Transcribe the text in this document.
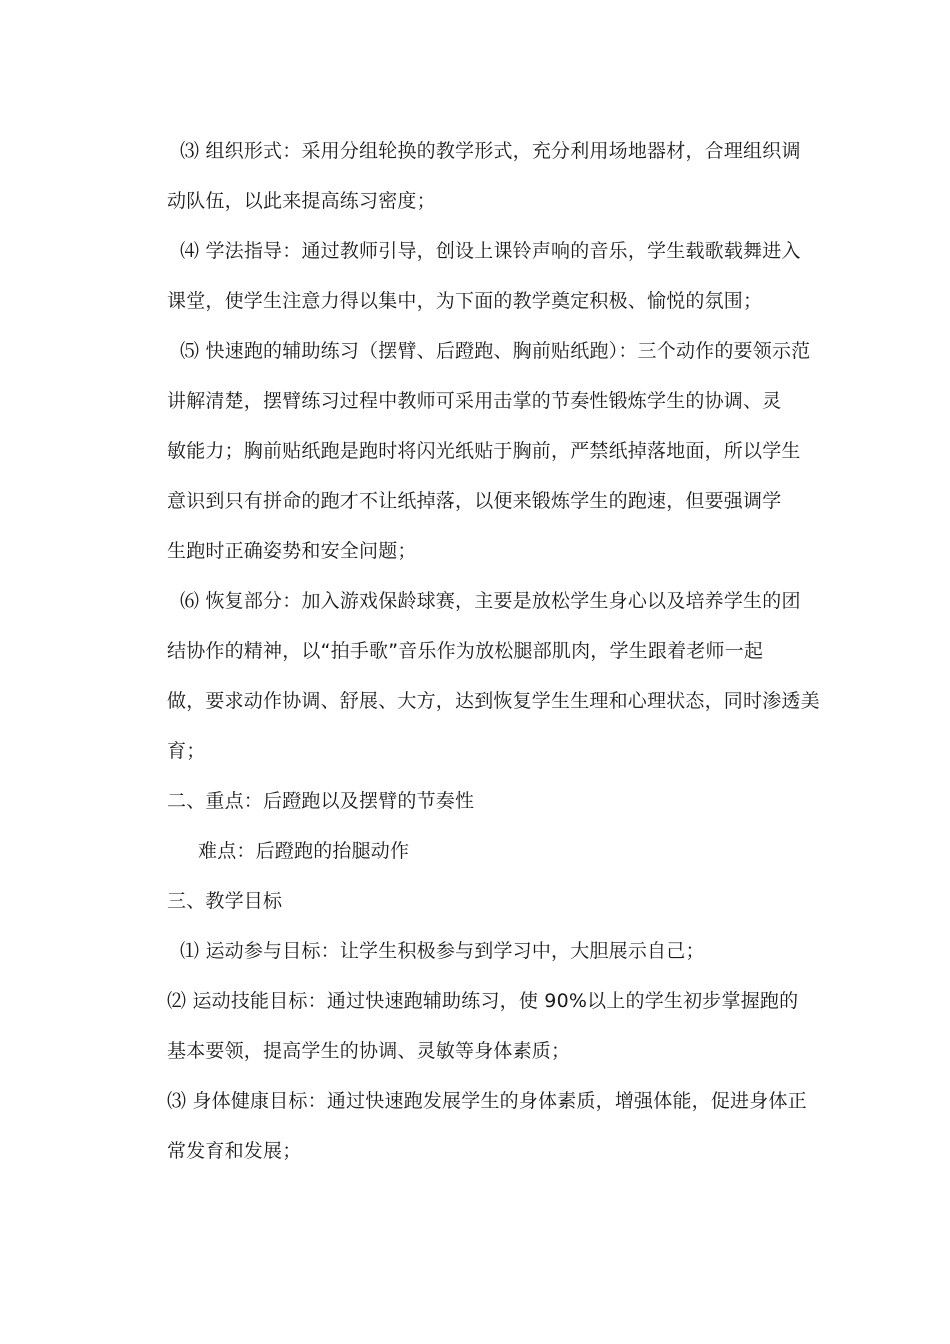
⑶ 组织形式：采用分组轮换的教学形式，充分利用场地器材，合理组织调
动队伍，以此来提高练习密度；
⑷ 学法指导：通过教师引导，创设上课铃声响的音乐，学生载歌载舞进入
课堂，使学生注意力得以集中，为下面的教学奠定积极、愉悦的氛围；
⑸ 快速跑的辅助练习（摆臂、后蹬跑、胸前贴纸跑）：三个动作的要领示范
讲解清楚，摆臂练习过程中教师可采用击掌的节奏性锻炼学生的协调、灵
敏能力；胸前贴纸跑是跑时将闪光纸贴于胸前，严禁纸掉落地面，所以学生
意识到只有拼命的跑才不让纸掉落，以便来锻炼学生的跑速，但要强调学
生跑时正确姿势和安全问题；
⑹ 恢复部分：加入游戏保龄球赛，主要是放松学生身心以及培养学生的团
结协作的精神，以“拍手歌”音乐作为放松腿部肌肉，学生跟着老师一起
做，要求动作协调、舒展、大方，达到恢复学生生理和心理状态，同时渗透美
育；
二、重点：后蹬跑以及摆臂的节奏性
难点：后蹬跑的抬腿动作
三、教学目标
⑴ 运动参与目标：让学生积极参与到学习中，大胆展示自己；
⑵ 运动技能目标：通过快速跑辅助练习，使 90%以上的学生初步掌握跑的
基本要领，提高学生的协调、灵敏等身体素质；
⑶ 身体健康目标：通过快速跑发展学生的身体素质，增强体能，促进身体正
常发育和发展；
